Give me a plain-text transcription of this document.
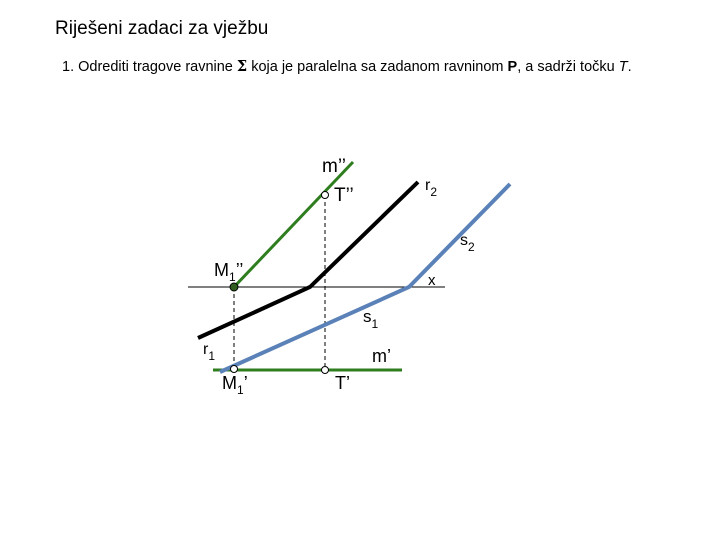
Riješeni zadaci za vježbu
1. Odrediti tragove ravnine Σ koja je paralelna sa zadanom ravninom P, a sadrži točku T.
m’’
T’’	$r_2$
$s_2$
$M_1$’’
x
$s_1$
$r_1$	m’
$M_1$’	T’
